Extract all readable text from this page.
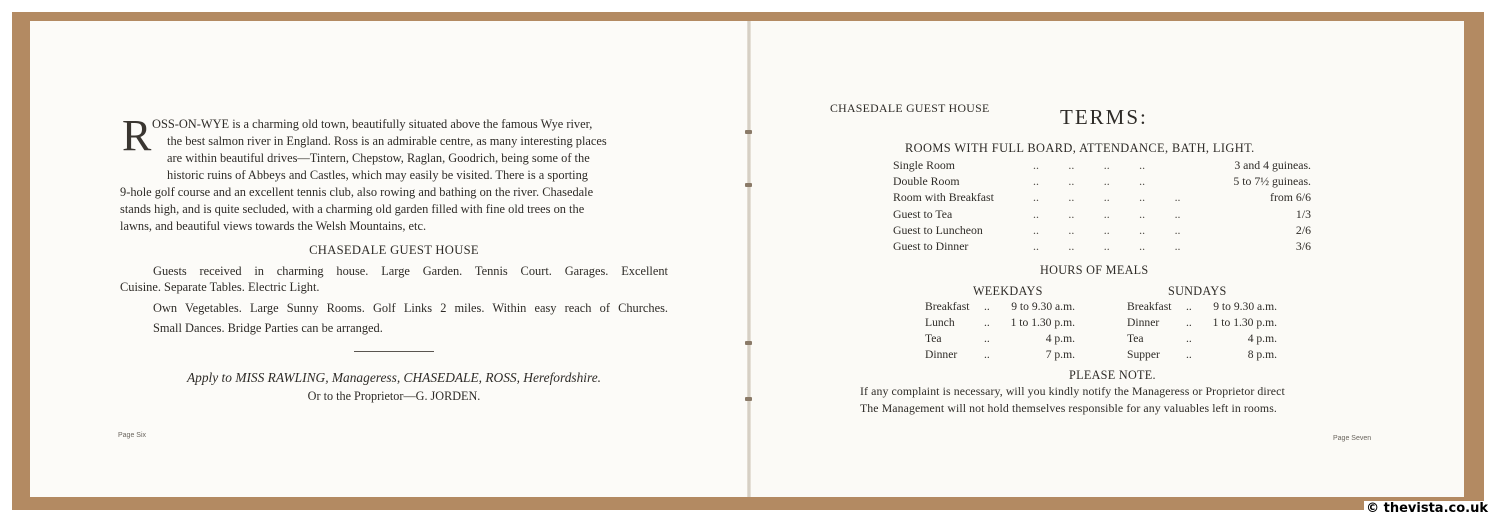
R OSS-ON-WYE is a charming old town, beautifully situated above the famous Wye river,
the best salmon river in England. Ross is an admirable centre, as many interesting places
are within beautiful drives—Tintern, Chepstow, Raglan, Goodrich, being some of the
historic ruins of Abbeys and Castles, which may easily be visited. There is a sporting
9-hole golf course and an excellent tennis club, also rowing and bathing on the river. Chasedale
stands high, and is quite secluded, with a charming old garden filled with fine old trees on the
lawns, and beautiful views towards the Welsh Mountains, etc.
CHASEDALE GUEST HOUSE
Guests received in charming house. Large Garden. Tennis Court. Garages. Excellent
Cuisine. Separate Tables. Electric Light.
Own Vegetables. Large Sunny Rooms. Golf Links 2 miles. Within easy reach of Churches.
Small Dances. Bridge Parties can be arranged.
Apply to MISS RAWLING, Manageress, CHASEDALE, ROSS, Herefordshire.
Or to the Proprietor—G. JORDEN.
Page Six
CHASEDALE GUEST HOUSE	TERMS:
ROOMS WITH FULL BOARD, ATTENDANCE, BATH, LIGHT.
Single Room	..          ..          ..          ..	3 and 4 guineas.
Double Room	..          ..          ..          ..	5 to 7½ guineas.
Room with Breakfast	..          ..          ..          ..          ..	from 6/6
Guest to Tea	..          ..          ..          ..          ..	1/3
Guest to Luncheon	..          ..          ..          ..          ..	2/6
Guest to Dinner	..          ..          ..          ..          ..	3/6
HOURS OF MEALS
WEEKDAYS	SUNDAYS
Breakfast .. 9 to 9.30 a.m.
Lunch	.. 1 to 1.30 p.m.
Tea	..	4 p.m.
Dinner ..	7 p.m.
Breakfast .. 9 to 9.30 a.m.
Dinner .. 1 to 1.30 p.m.
Tea	..	4 p.m.
Supper ..	8 p.m.
PLEASE NOTE.
If any complaint is necessary, will you kindly notify the Manageress or Proprietor direct
The Management will not hold themselves responsible for any valuables left in rooms.
Page Seven
© thevista.co.uk
